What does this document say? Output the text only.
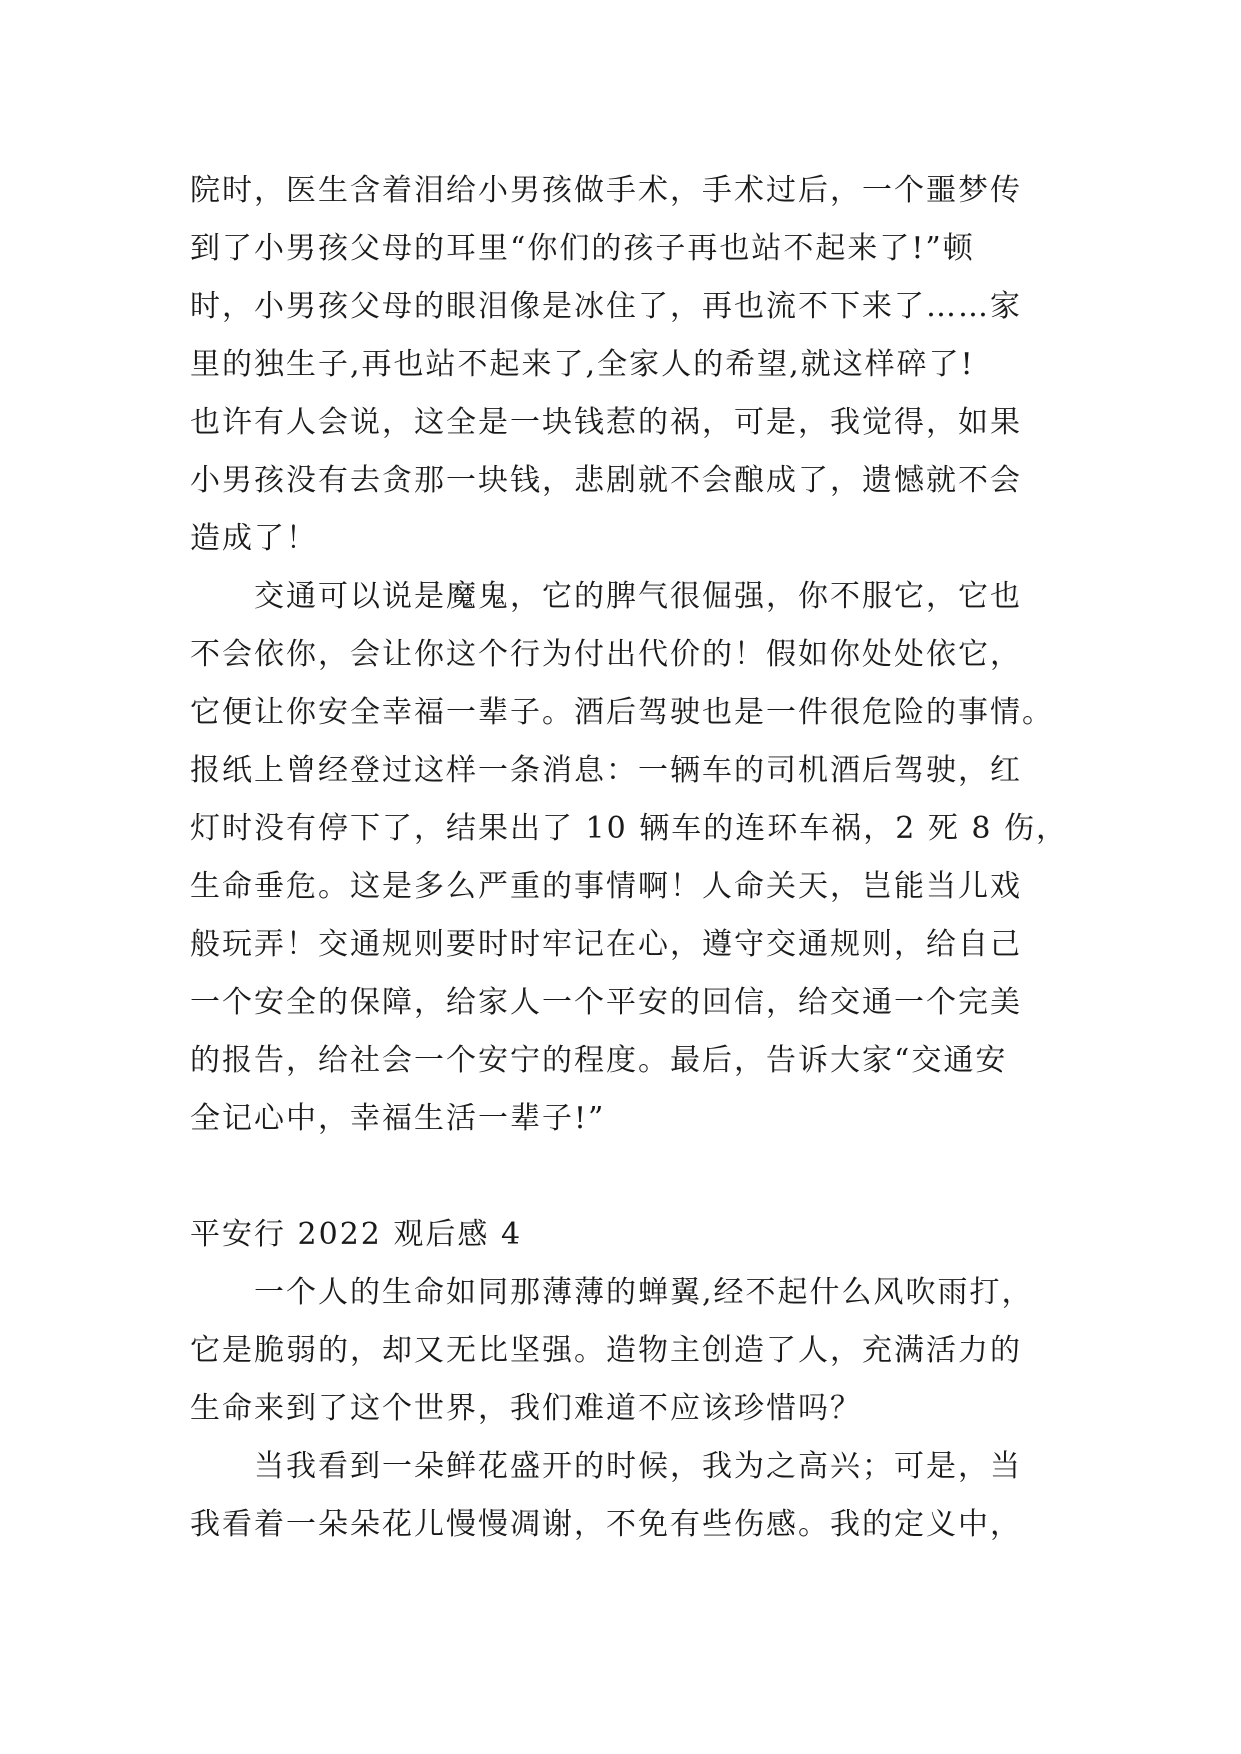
院时，医生含着泪给小男孩做手术，手术过后，一个噩梦传
到了小男孩父母的耳里“你们的孩子再也站不起来了!”顿
时，小男孩父母的眼泪像是冰住了，再也流不下来了……家
里的独生子,再也站不起来了,全家人的希望,就这样碎了!
也许有人会说，这全是一块钱惹的祸，可是，我觉得，如果
小男孩没有去贪那一块钱，悲剧就不会酿成了，遗憾就不会
造成了！
交通可以说是魔鬼，它的脾气很倔强，你不服它，它也
不会依你，会让你这个行为付出代价的！假如你处处依它，
它便让你安全幸福一辈子。酒后驾驶也是一件很危险的事情。
报纸上曾经登过这样一条消息：一辆车的司机酒后驾驶，红
灯时没有停下了，结果出了 10 辆车的连环车祸，2 死 8 伤，
生命垂危。这是多么严重的事情啊！人命关天，岂能当儿戏
般玩弄！交通规则要时时牢记在心，遵守交通规则，给自己
一个安全的保障，给家人一个平安的回信，给交通一个完美
的报告，给社会一个安宁的程度。最后，告诉大家“交通安
全记心中，幸福生活一辈子!”
平安行 2022 观后感 4
一个人的生命如同那薄薄的蝉翼,经不起什么风吹雨打，
它是脆弱的，却又无比坚强。造物主创造了人，充满活力的
生命来到了这个世界，我们难道不应该珍惜吗？
当我看到一朵鲜花盛开的时候，我为之高兴；可是，当
我看着一朵朵花儿慢慢凋谢，不免有些伤感。我的定义中，
